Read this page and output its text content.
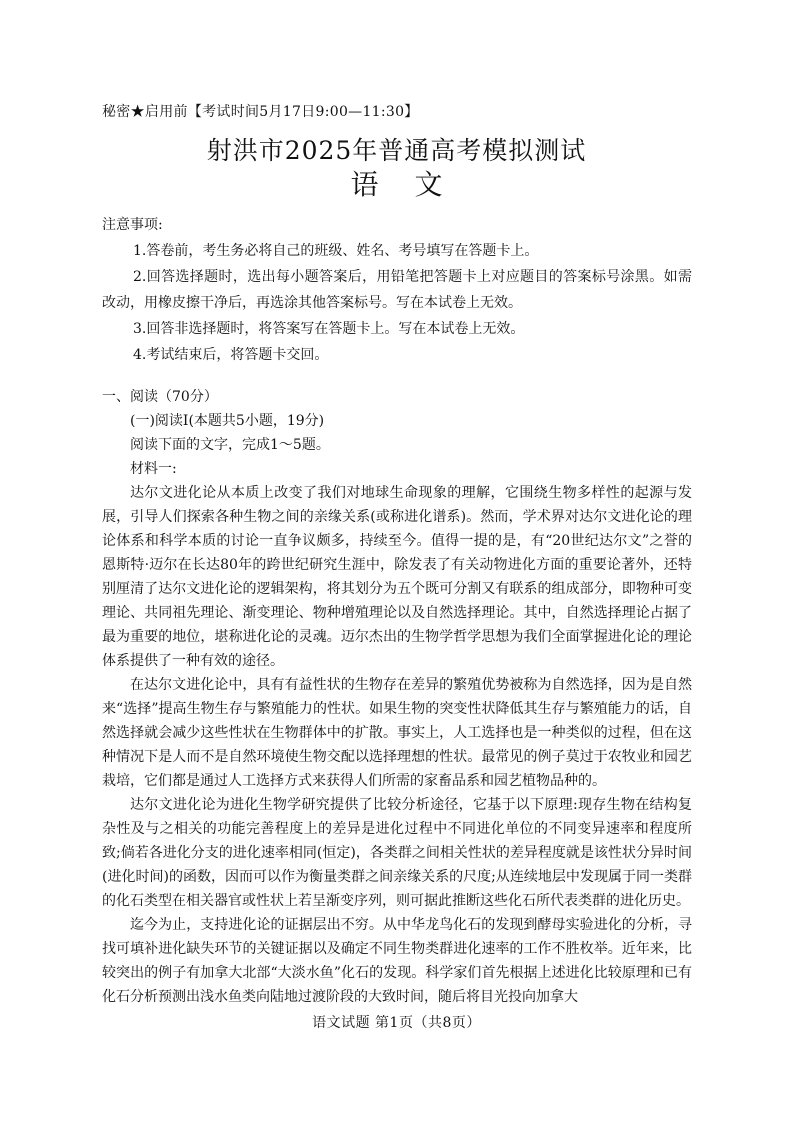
秘密★启用前【考试时间5月17日9:00—11:30】
射洪市2025年普通高考模拟测试
语文
注意事项:

1.答卷前，考生务必将自己的班级、姓名、考号填写在答题卡上。

2.回答选择题时，选出每小题答案后，用铅笔把答题卡上对应题目的答案标号涂黑。如需改动，用橡皮擦干净后，再选涂其他答案标号。写在本试卷上无效。

3.回答非选择题时，将答案写在答题卡上。写在本试卷上无效。

4.考试结束后，将答题卡交回。

一、阅读（70分）

(一)阅读Ⅰ(本题共5小题，19分)

阅读下面的文字，完成1～5题。

材料一:

达尔文进化论从本质上改变了我们对地球生命现象的理解，它围绕生物多样性的起源与发展，引导人们探索各种生物之间的亲缘关系(或称进化谱系)。然而，学术界对达尔文进化论的理论体系和科学本质的讨论一直争议颇多，持续至今。值得一提的是，有“20世纪达尔文”之誉的恩斯特·迈尔在长达80年的跨世纪研究生涯中，除发表了有关动物进化方面的重要论著外，还特别厘清了达尔文进化论的逻辑架构，将其划分为五个既可分割又有联系的组成部分，即物种可变理论、共同祖先理论、渐变理论、物种增殖理论以及自然选择理论。其中，自然选择理论占据了最为重要的地位，堪称进化论的灵魂。迈尔杰出的生物学哲学思想为我们全面掌握进化论的理论体系提供了一种有效的途径。

在达尔文进化论中，具有有益性状的生物存在差异的繁殖优势被称为自然选择，因为是自然来“选择”提高生物生存与繁殖能力的性状。如果生物的突变性状降低其生存与繁殖能力的话，自然选择就会减少这些性状在生物群体中的扩散。事实上，人工选择也是一种类似的过程，但在这种情况下是人而不是自然环境使生物交配以选择理想的性状。最常见的例子莫过于农牧业和园艺栽培，它们都是通过人工选择方式来获得人们所需的家畜品系和园艺植物品种的。

达尔文进化论为进化生物学研究提供了比较分析途径，它基于以下原理:现存生物在结构复杂性及与之相关的功能完善程度上的差异是进化过程中不同进化单位的不同变异速率和程度所致;倘若各进化分支的进化速率相同(恒定)，各类群之间相关性状的差异程度就是该性状分异时间(进化时间)的函数，因而可以作为衡量类群之间亲缘关系的尺度;从连续地层中发现属于同一类群的化石类型在相关器官或性状上若呈渐变序列，则可据此推断这些化石所代表类群的进化历史。

迄今为止，支持进化论的证据层出不穷。从中华龙鸟化石的发现到酵母实验进化的分析，寻找可填补进化缺失环节的关键证据以及确定不同生物类群进化速率的工作不胜枚举。近年来，比较突出的例子有加拿大北部“大淡水鱼”化石的发现。科学家们首先根据上述进化比较原理和已有化石分析预测出浅水鱼类向陆地过渡阶段的大致时间，随后将目光投向加拿大

语文试题 第1页（共8页）
